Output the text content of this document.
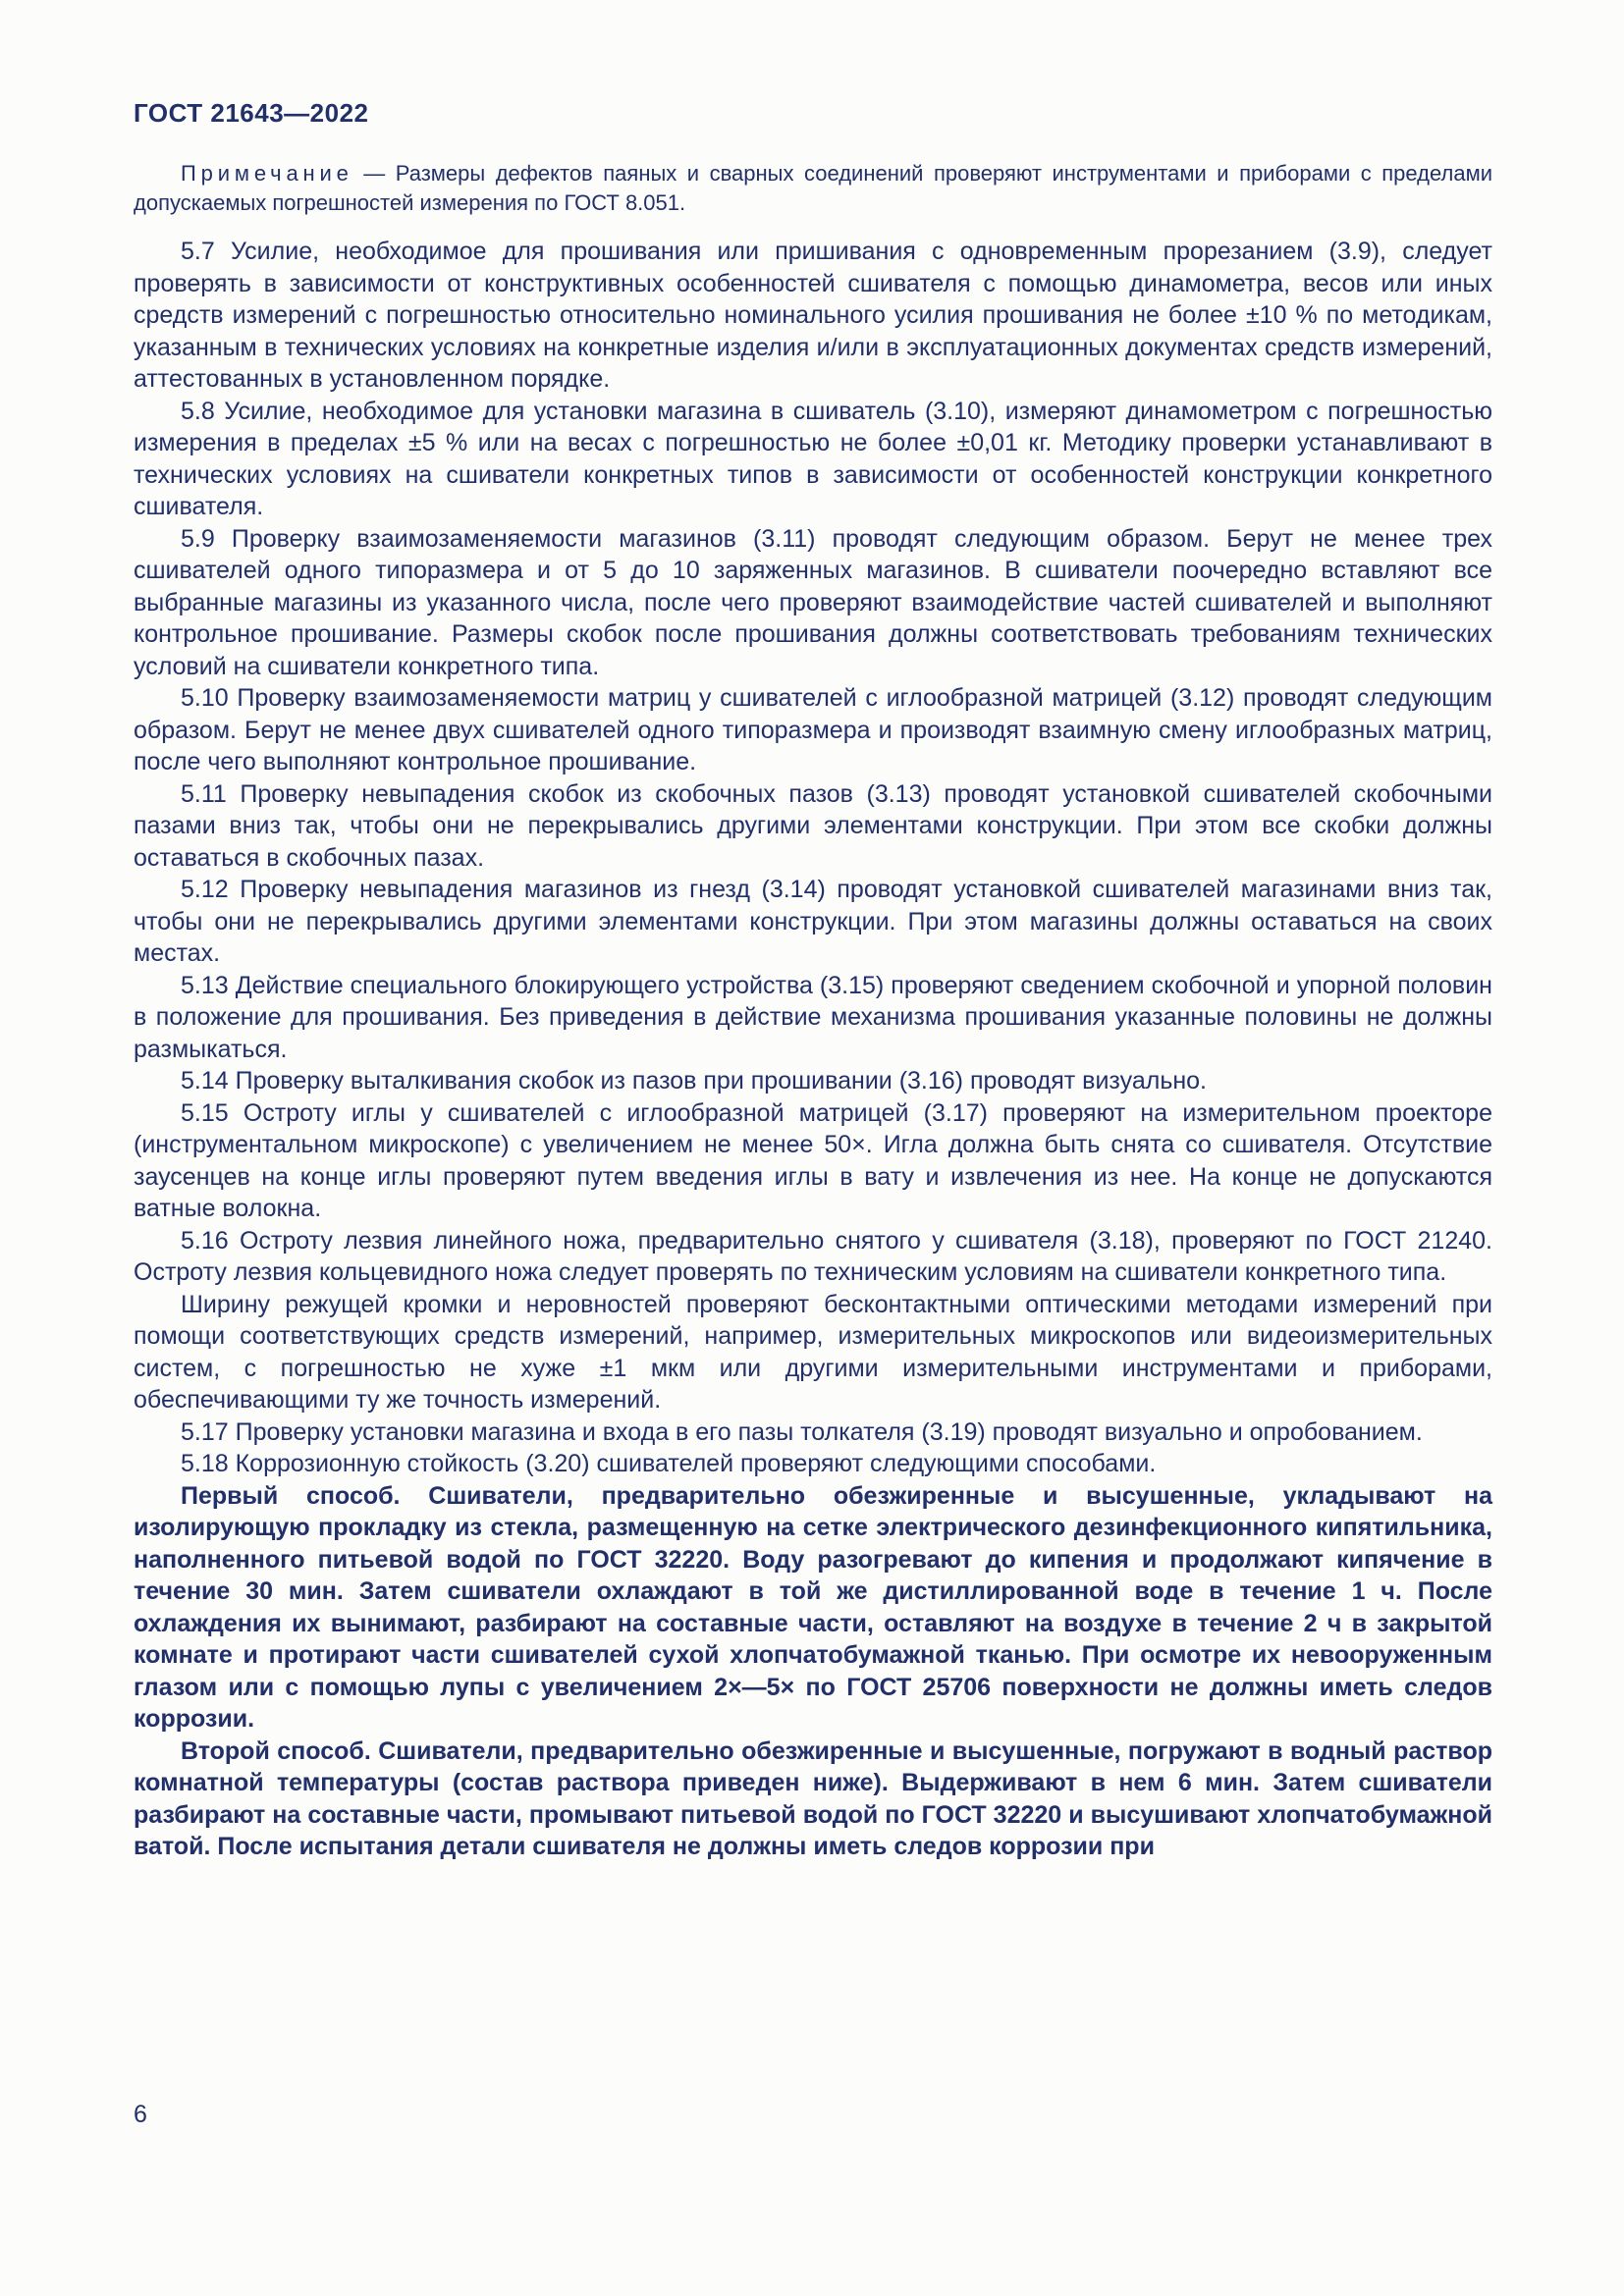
ГОСТ 21643—2022

Примечание — Размеры дефектов паяных и сварных соединений проверяют инструментами и приборами с пределами допускаемых погрешностей измерения по ГОСТ 8.051.

5.7 Усилие, необходимое для прошивания или пришивания с одновременным прорезанием (3.9), следует проверять в зависимости от конструктивных особенностей сшивателя с помощью динамометра, весов или иных средств измерений с погрешностью относительно номинального усилия прошивания не более ±10 % по методикам, указанным в технических условиях на конкретные изделия и/или в эксплуатационных документах средств измерений, аттестованных в установленном порядке.

5.8 Усилие, необходимое для установки магазина в сшиватель (3.10), измеряют динамометром с погрешностью измерения в пределах ±5 % или на весах с погрешностью не более ±0,01 кг. Методику проверки устанавливают в технических условиях на сшиватели конкретных типов в зависимости от особенностей конструкции конкретного сшивателя.

5.9 Проверку взаимозаменяемости магазинов (3.11) проводят следующим образом. Берут не менее трех сшивателей одного типоразмера и от 5 до 10 заряженных магазинов. В сшиватели поочередно вставляют все выбранные магазины из указанного числа, после чего проверяют взаимодействие частей сшивателей и выполняют контрольное прошивание. Размеры скобок после прошивания должны соответствовать требованиям технических условий на сшиватели конкретного типа.

5.10 Проверку взаимозаменяемости матриц у сшивателей с иглообразной матрицей (3.12) проводят следующим образом. Берут не менее двух сшивателей одного типоразмера и производят взаимную смену иглообразных матриц, после чего выполняют контрольное прошивание.

5.11 Проверку невыпадения скобок из скобочных пазов (3.13) проводят установкой сшивателей скобочными пазами вниз так, чтобы они не перекрывались другими элементами конструкции. При этом все скобки должны оставаться в скобочных пазах.

5.12 Проверку невыпадения магазинов из гнезд (3.14) проводят установкой сшивателей магазинами вниз так, чтобы они не перекрывались другими элементами конструкции. При этом магазины должны оставаться на своих местах.

5.13 Действие специального блокирующего устройства (3.15) проверяют сведением скобочной и упорной половин в положение для прошивания. Без приведения в действие механизма прошивания указанные половины не должны размыкаться.

5.14 Проверку выталкивания скобок из пазов при прошивании (3.16) проводят визуально.

5.15 Остроту иглы у сшивателей с иглообразной матрицей (3.17) проверяют на измерительном проекторе (инструментальном микроскопе) с увеличением не менее 50×. Игла должна быть снята со сшивателя. Отсутствие заусенцев на конце иглы проверяют путем введения иглы в вату и извлечения из нее. На конце не допускаются ватные волокна.

5.16 Остроту лезвия линейного ножа, предварительно снятого у сшивателя (3.18), проверяют по ГОСТ 21240. Остроту лезвия кольцевидного ножа следует проверять по техническим условиям на сшиватели конкретного типа.

Ширину режущей кромки и неровностей проверяют бесконтактными оптическими методами измерений при помощи соответствующих средств измерений, например, измерительных микроскопов или видеоизмерительных систем, с погрешностью не хуже ±1 мкм или другими измерительными инструментами и приборами, обеспечивающими ту же точность измерений.

5.17 Проверку установки магазина и входа в его пазы толкателя (3.19) проводят визуально и опробованием.

5.18 Коррозионную стойкость (3.20) сшивателей проверяют следующими способами.

Первый способ. Сшиватели, предварительно обезжиренные и высушенные, укладывают на изолирующую прокладку из стекла, размещенную на сетке электрического дезинфекционного кипятильника, наполненного питьевой водой по ГОСТ 32220. Воду разогревают до кипения и продолжают кипячение в течение 30 мин. Затем сшиватели охлаждают в той же дистиллированной воде в течение 1 ч. После охлаждения их вынимают, разбирают на составные части, оставляют на воздухе в течение 2 ч в закрытой комнате и протирают части сшивателей сухой хлопчатобумажной тканью. При осмотре их невооруженным глазом или с помощью лупы с увеличением 2×—5× по ГОСТ 25706 поверхности не должны иметь следов коррозии.

Второй способ. Сшиватели, предварительно обезжиренные и высушенные, погружают в водный раствор комнатной температуры (состав раствора приведен ниже). Выдерживают в нем 6 мин. Затем сшиватели разбирают на составные части, промывают питьевой водой по ГОСТ 32220 и высушивают хлопчатобумажной ватой. После испытания детали сшивателя не должны иметь следов коррозии при

6
